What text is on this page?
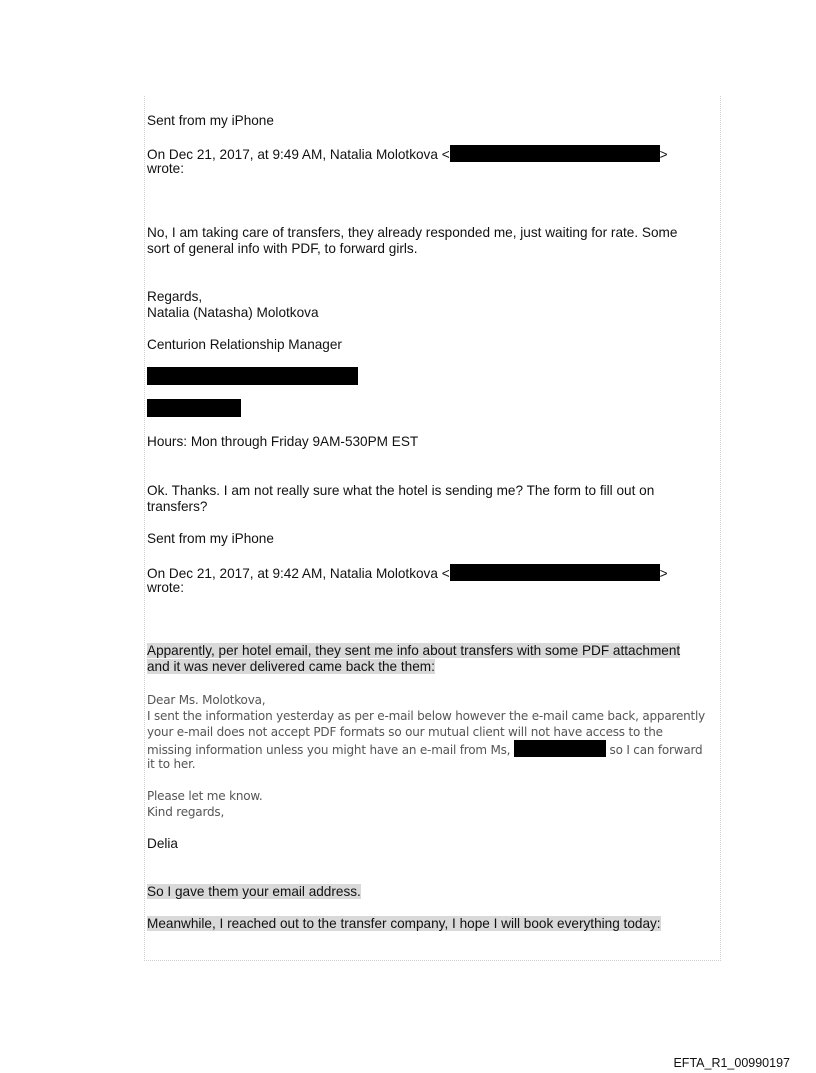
Sent from my iPhone
On Dec 21, 2017, at 9:49 AM, Natalia Molotkova <	>
wrote:
No, I am taking care of transfers, they already responded me, just waiting for rate. Some
sort of general info with PDF, to forward girls.
Regards,
Natalia (Natasha) Molotkova
Centurion Relationship Manager
Hours: Mon through Friday 9AM-530PM EST
Ok. Thanks. I am not really sure what the hotel is sending me? The form to fill out on
transfers?
Sent from my iPhone
On Dec 21, 2017, at 9:42 AM, Natalia Molotkova <	>
wrote:
Apparently, per hotel email, they sent me info about transfers with some PDF attachment
and it was never delivered came back the them:
Dear Ms. Molotkova,
I sent the information yesterday as per e-mail below however the e-mail came back, apparently
your e-mail does not accept PDF formats so our mutual client will not have access to the
missing information unless you might have an e-mail from Ms,	so I can forward
it to her.
Please let me know.
Kind regards,
Delia
So I gave them your email address.
Meanwhile, I reached out to the transfer company, I hope I will book everything today:
EFTA_R1_00990197
